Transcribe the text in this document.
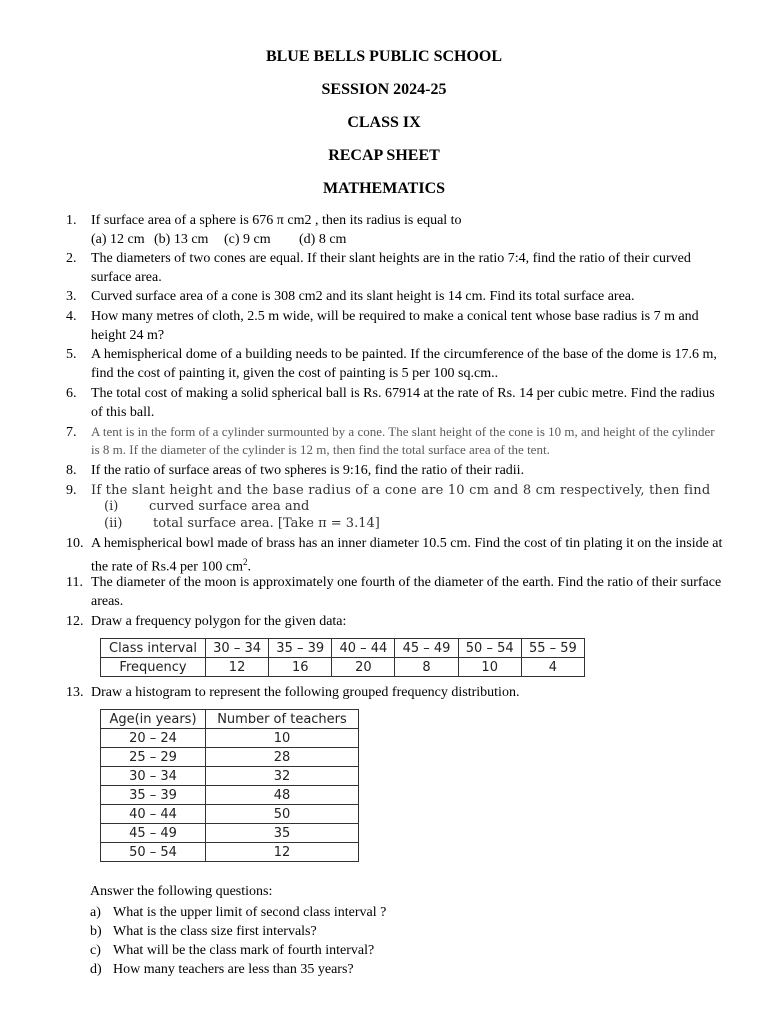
BLUE BELLS PUBLIC SCHOOL
SESSION 2024-25
CLASS IX
RECAP SHEET
MATHEMATICS
1. If surface area of a sphere is 676 π cm2 , then its radius is equal to
(a) 12 cm (b) 13 cm (c) 9 cm (d) 8 cm
2. The diameters of two cones are equal. If their slant heights are in the ratio 7:4, find the ratio of their curved surface area.
3. Curved surface area of a cone is 308 cm2 and its slant height is 14 cm. Find its total surface area.
4. How many metres of cloth, 2.5 m wide, will be required to make a conical tent whose base radius is 7 m and height 24 m?
5. A hemispherical dome of a building needs to be painted. If the circumference of the base of the dome is 17.6 m, find the cost of painting it, given the cost of painting is 5 per 100 sq.cm..
6. The total cost of making a solid spherical ball is Rs. 67914 at the rate of Rs. 14 per cubic metre. Find the radius of this ball.
7. A tent is in the form of a cylinder surmounted by a cone. The slant height of the cone is 10 m, and height of the cylinder is 8 m. If the diameter of the cylinder is 12 m, then find the total surface area of the tent.
8. If the ratio of surface areas of two spheres is 9:16, find the ratio of their radii.
9. If the slant height and the base radius of a cone are 10 cm and 8 cm respectively, then find
(i) curved surface area and
(ii) total surface area. [Take π = 3.14]
10. A hemispherical bowl made of brass has an inner diameter 10.5 cm. Find the cost of tin plating it on the inside at the rate of Rs.4 per 100 $cm^2$.
11. The diameter of the moon is approximately one fourth of the diameter of the earth. Find the ratio of their surface areas.
12. Draw a frequency polygon for the given data:
Class interval	30 – 34	35 – 39	40 – 44	45 – 49	50 – 54	55 – 59
Frequency	12	16	20	8	10	4
13. Draw a histogram to represent the following grouped frequency distribution.
Age(in years)	Number of teachers
20 – 24	10
25 – 29	28
30 – 34	32
35 – 39	48
40 – 44	50
45 – 49	35
50 – 54	12
Answer the following questions:
a) What is the upper limit of second class interval ?
b) What is the class size first intervals?
c) What will be the class mark of fourth interval?
d) How many teachers are less than 35 years?
